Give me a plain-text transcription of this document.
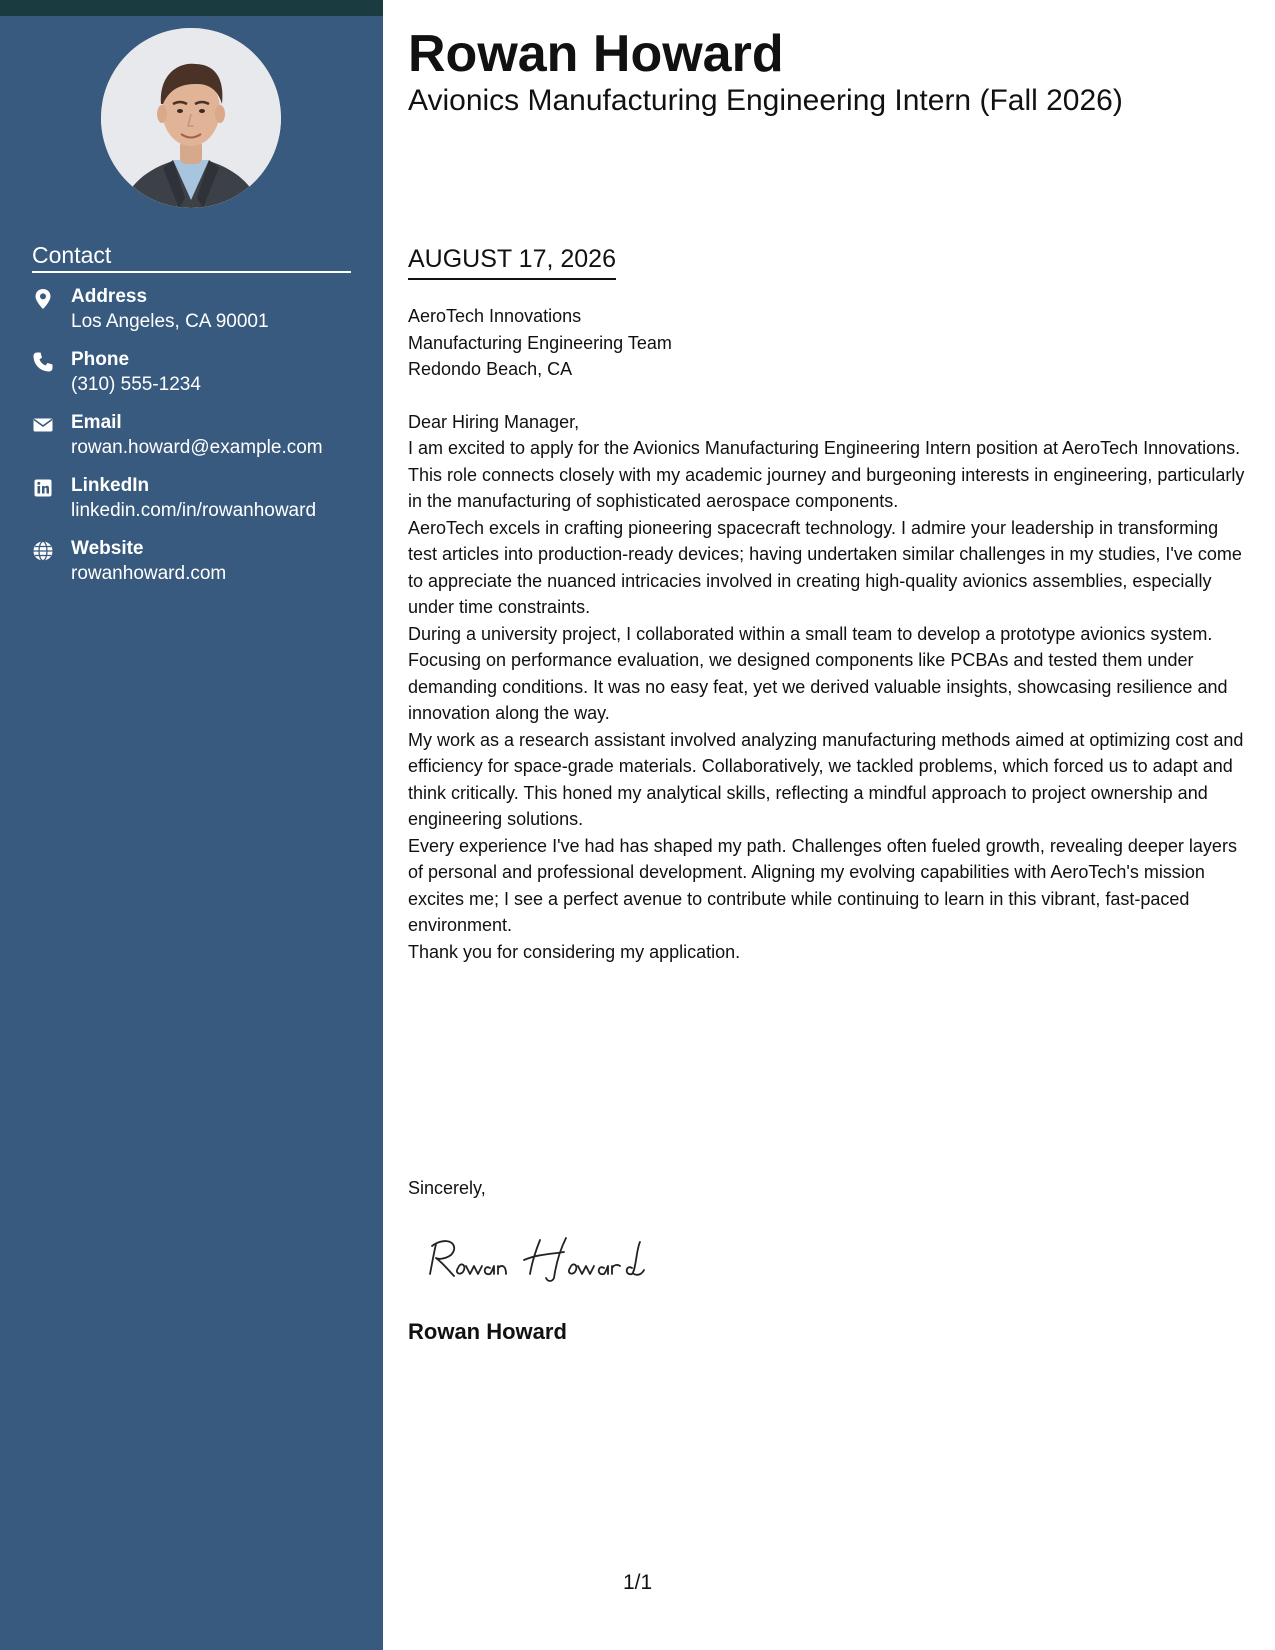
Contact
Address
Los Angeles, CA 90001
Phone
(310) 555-1234
Email
rowan.howard@example.com
LinkedIn
linkedin.com/in/rowanhoward
Website
rowanhoward.com
Rowan Howard
Avionics Manufacturing Engineering Intern (Fall 2026)
AUGUST 17, 2026

AeroTech Innovations

Manufacturing Engineering Team

Redondo Beach, CA

Dear Hiring Manager,

I am excited to apply for the Avionics Manufacturing Engineering Intern position at AeroTech Innovations. This role connects closely with my academic journey and burgeoning interests in engineering, particularly in the manufacturing of sophisticated aerospace components.

AeroTech excels in crafting pioneering spacecraft technology. I admire your leadership in transforming test articles into production-ready devices; having undertaken similar challenges in my studies, I've come to appreciate the nuanced intricacies involved in creating high-quality avionics assemblies, especially under time constraints.

During a university project, I collaborated within a small team to develop a prototype avionics system. Focusing on performance evaluation, we designed components like PCBAs and tested them under demanding conditions. It was no easy feat, yet we derived valuable insights, showcasing resilience and innovation along the way.

My work as a research assistant involved analyzing manufacturing methods aimed at optimizing cost and efficiency for space-grade materials. Collaboratively, we tackled problems, which forced us to adapt and think critically. This honed my analytical skills, reflecting a mindful approach to project ownership and engineering solutions.

Every experience I've had has shaped my path. Challenges often fueled growth, revealing deeper layers of personal and professional development. Aligning my evolving capabilities with AeroTech's mission excites me; I see a perfect avenue to contribute while continuing to learn in this vibrant, fast-paced environment.

Thank you for considering my application.

Sincerely,
Rowan Howard
1/1
